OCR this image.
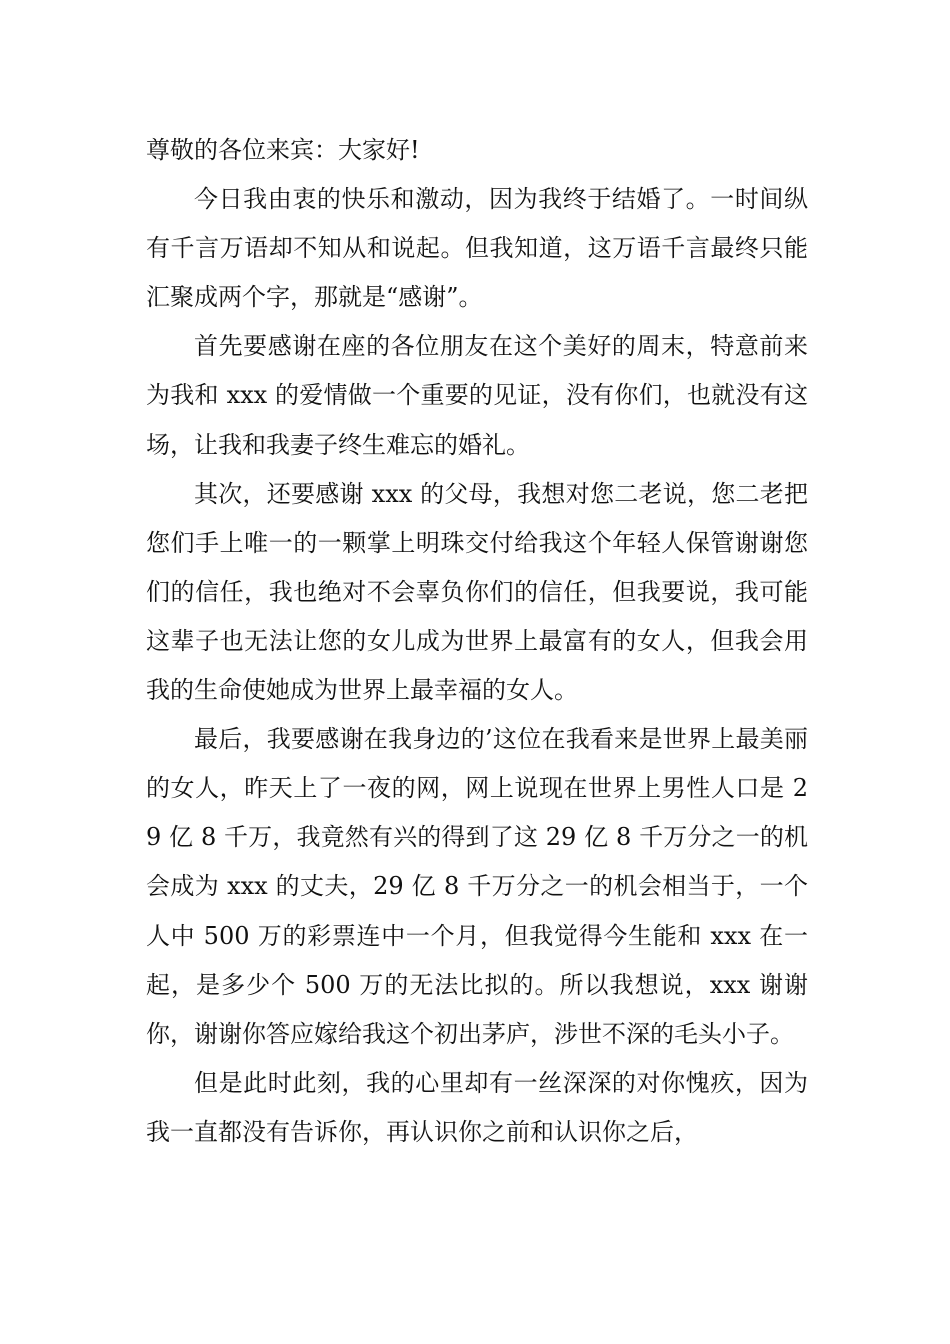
尊敬的各位来宾：大家好!

今日我由衷的快乐和激动，因为我终于结婚了。一时间纵有千言万语却不知从和说起。但我知道，这万语千言最终只能汇聚成两个字，那就是“感谢”。

首先要感谢在座的各位朋友在这个美好的周末，特意前来为我和 xxx 的爱情做一个重要的见证，没有你们，也就没有这场，让我和我妻子终生难忘的婚礼。

其次，还要感谢 xxx 的父母，我想对您二老说，您二老把您们手上唯一的一颗掌上明珠交付给我这个年轻人保管谢谢您们的信任，我也绝对不会辜负你们的信任，但我要说，我可能这辈子也无法让您的女儿成为世界上最富有的女人，但我会用我的生命使她成为世界上最幸福的女人。

最后，我要感谢在我身边的’这位在我看来是世界上最美丽的女人，昨天上了一夜的网，网上说现在世界上男性人口是 29 亿 8 千万，我竟然有兴的得到了这 29 亿 8 千万分之一的机会成为 xxx 的丈夫，29 亿 8 千万分之一的机会相当于，一个人中 500 万的彩票连中一个月，但我觉得今生能和 xxx 在一起，是多少个 500 万的无法比拟的。所以我想说，xxx 谢谢你，谢谢你答应嫁给我这个初出茅庐，涉世不深的毛头小子。

但是此时此刻，我的心里却有一丝深深的对你愧疚，因为我一直都没有告诉你，再认识你之前和认识你之后，
